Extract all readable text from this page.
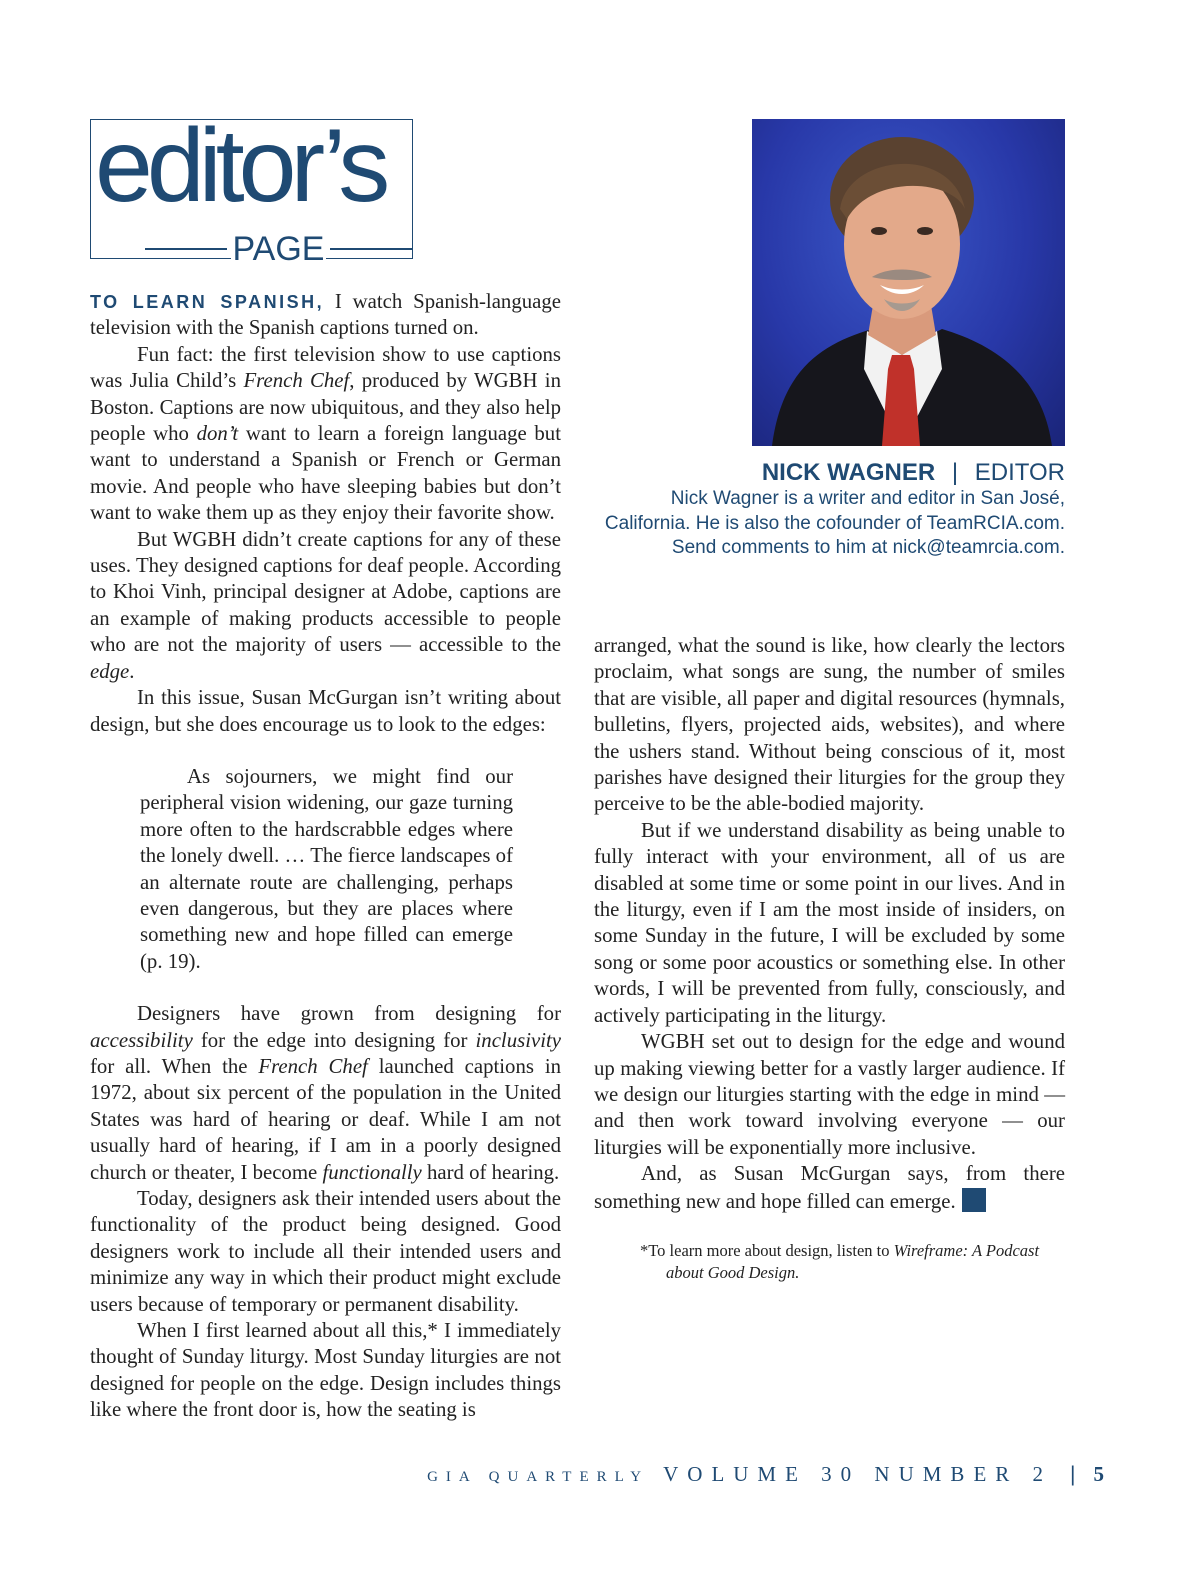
editor’s
PAGE
NICK WAGNER | EDITOR
Nick Wagner is a writer and editor in San José, California. He is also the cofounder of TeamRCIA.com. Send comments to him at nick@teamrcia.com.

TO LEARN SPANISH, I watch Spanish-language television with the Spanish captions turned on.

Fun fact: the first television show to use captions was Julia Child’s French Chef, produced by WGBH in Boston. Captions are now ubiquitous, and they also help people who don’t want to learn a foreign language but want to understand a Spanish or French or German movie. And people who have sleeping babies but don’t want to wake them up as they enjoy their favorite show.

But WGBH didn’t create captions for any of these uses. They designed captions for deaf people. According to Khoi Vinh, principal designer at Adobe, captions are an example of making products accessible to people who are not the majority of users — accessible to the edge.

In this issue, Susan McGurgan isn’t writing about design, but she does encourage us to look to the edges:

As sojourners, we might find our peripheral vision widening, our gaze turning more often to the hardscrabble edges where the lonely dwell. … The fierce landscapes of an alternate route are challenging, perhaps even dangerous, but they are places where something new and hope filled can emerge (p. 19).

Designers have grown from designing for accessibility for the edge into designing for inclusivity for all. When the French Chef launched captions in 1972, about six percent of the population in the United States was hard of hearing or deaf. While I am not usually hard of hearing, if I am in a poorly designed church or theater, I become functionally hard of hearing.

Today, designers ask their intended users about the functionality of the product being designed. Good designers work to include all their intended users and minimize any way in which their product might exclude users because of temporary or permanent disability.

When I first learned about all this,* I immediately thought of Sunday liturgy. Most Sunday liturgies are not designed for people on the edge. Design includes things like where the front door is, how the seating is

arranged, what the sound is like, how clearly the lectors proclaim, what songs are sung, the number of smiles that are visible, all paper and digital resources (hymnals, bulletins, flyers, projected aids, websites), and where the ushers stand. Without being conscious of it, most parishes have designed their liturgies for the group they perceive to be the able-bodied majority.

But if we understand disability as being unable to fully interact with your environment, all of us are disabled at some time or some point in our lives. And in the liturgy, even if I am the most inside of insiders, on some Sunday in the future, I will be excluded by some song or some poor acoustics or something else. In other words, I will be prevented from fully, consciously, and actively participating in the liturgy.

WGBH set out to design for the edge and wound up making viewing better for a vastly larger audience. If we design our liturgies starting with the edge in mind — and then work toward involving everyone — our liturgies will be exponentially more inclusive.

And, as Susan McGurgan says, from there something new and hope filled can emerge.

*To learn more about design, listen to Wireframe: A Podcast
about Good Design.
GIA QUARTERLY VOLUME 30 NUMBER 2 | 5
